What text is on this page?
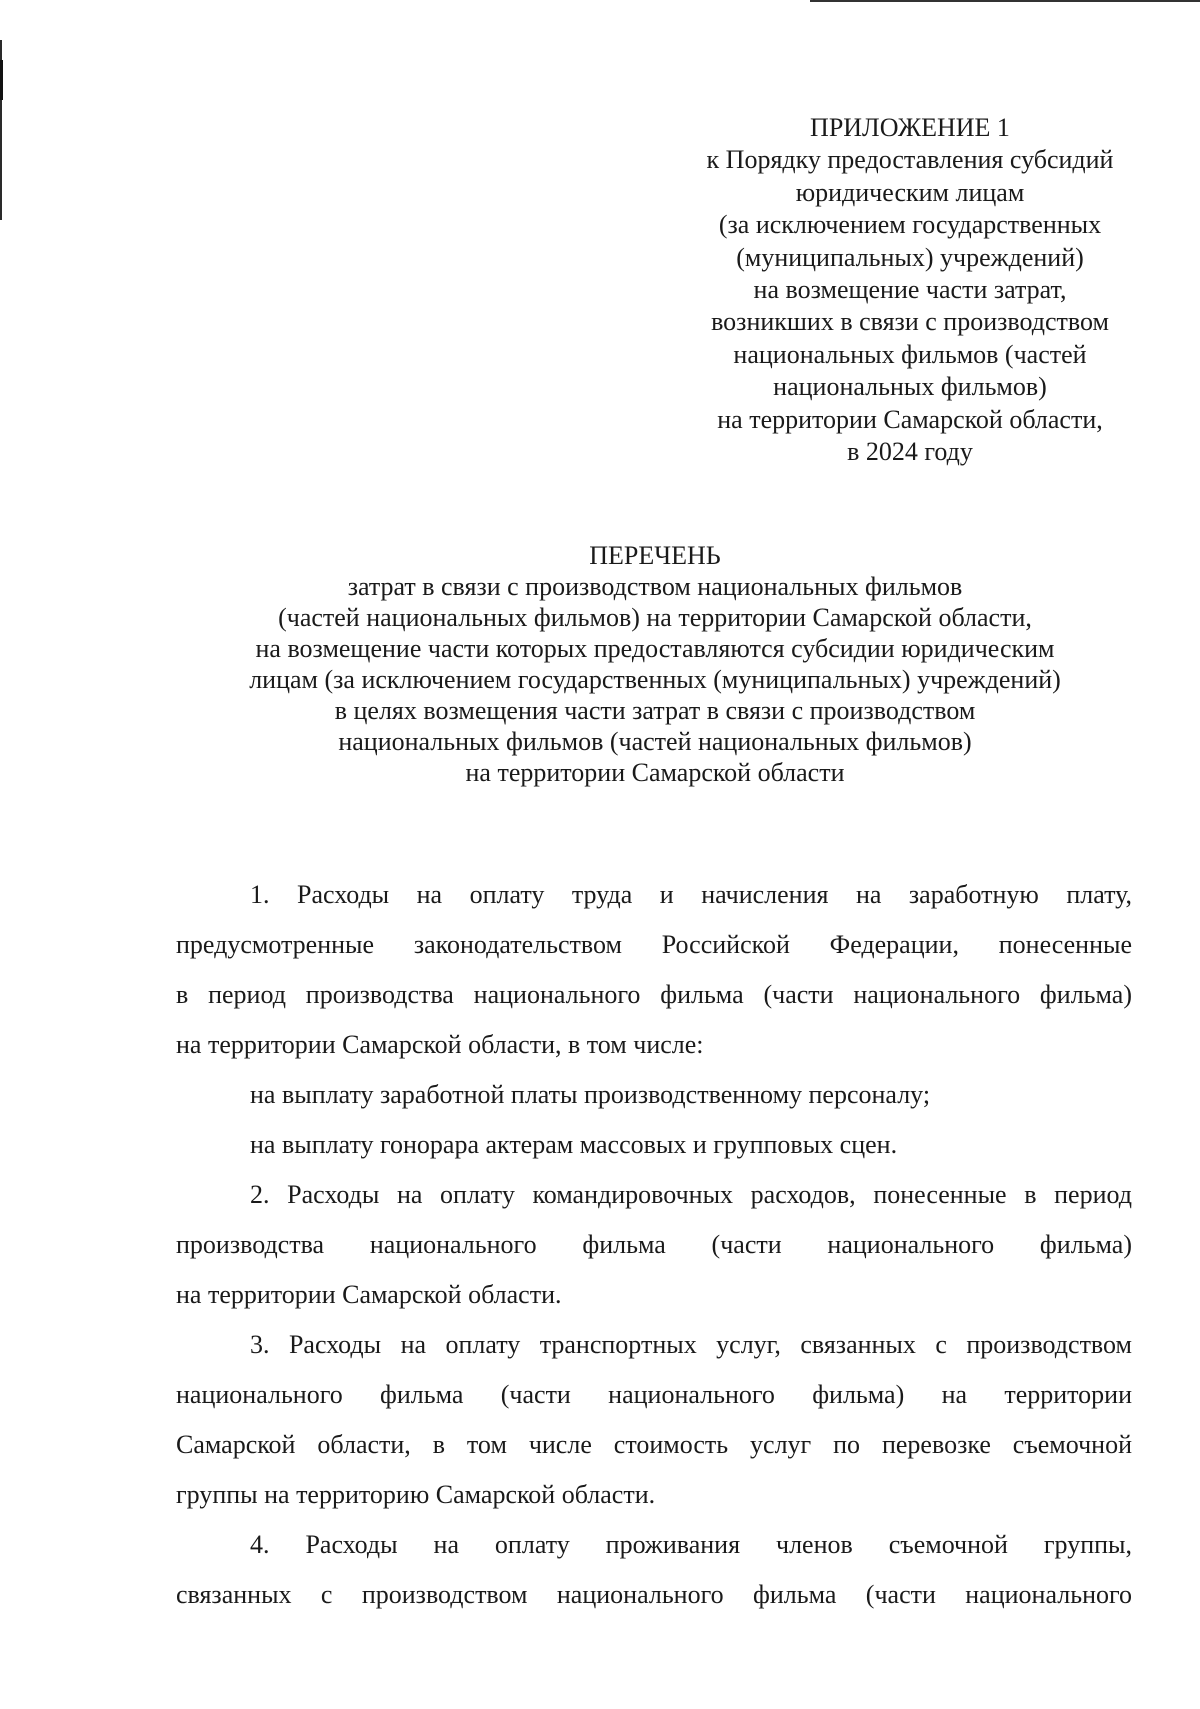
ПРИЛОЖЕНИЕ 1
к Порядку предоставления субсидий
юридическим лицам
(за исключением государственных
(муниципальных) учреждений)
на возмещение части затрат,
возникших в связи с производством
национальных фильмов (частей
национальных фильмов)
на территории Самарской области,
в 2024 году
ПЕРЕЧЕНЬ
затрат в связи с производством национальных фильмов
(частей национальных фильмов) на территории Самарской области,
на возмещение части которых предоставляются субсидии юридическим
лицам (за исключением государственных (муниципальных) учреждений)
в целях возмещения части затрат в связи с производством
национальных фильмов (частей национальных фильмов)
на территории Самарской области
1. Расходы на оплату труда и начисления на заработную плату,
предусмотренные законодательством Российской Федерации, понесенные
в период производства национального фильма (части национального фильма)
на территории Самарской области, в том числе:
на выплату заработной платы производственному персоналу;
на выплату гонорара актерам массовых и групповых сцен.
2. Расходы на оплату командировочных расходов, понесенные в период
производства национального фильма (части национального фильма)
на территории Самарской области.
3. Расходы на оплату транспортных услуг, связанных с производством
национального фильма (части национального фильма) на территории
Самарской области, в том числе стоимость услуг по перевозке съемочной
группы на территорию Самарской области.
4. Расходы на оплату проживания членов съемочной группы,
связанных с производством национального фильма (части национального
